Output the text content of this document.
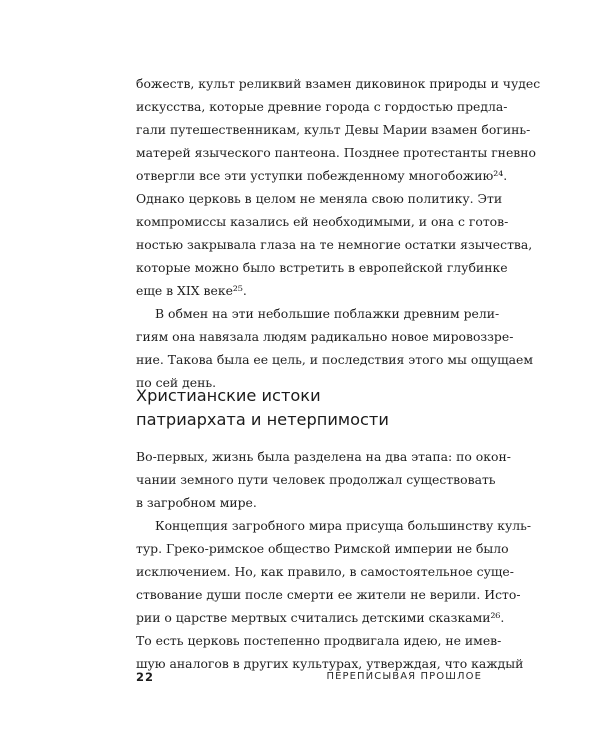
божеств, культ реликвий взамен диковинок природы и чудес
искусства, которые древние города с гордостью предла-
гали путешественникам, культ Девы Марии взамен богинь-
матерей языческого пантеона. Позднее протестанты гневно
отвергли все эти уступки побежденному многобожию²⁴.
Однако церковь в целом не меняла свою политику. Эти
компромиссы казались ей необходимыми, и она с готов-
ностью закрывала глаза на те немногие остатки язычества,
которые можно было встретить в европейской глубинке
еще в XIX веке²⁵.
В обмен на эти небольшие поблажки древним рели-
гиям она навязала людям радикально новое мировоззре-
ние. Такова была ее цель, и последствия этого мы ощущаем
по сей день.
Христианские истоки
патриархата и нетерпимости
Во-первых, жизнь была разделена на два этапа: по окон-
чании земного пути человек продолжал существовать
в загробном мире.
Концепция загробного мира присуща большинству куль-
тур. Греко-римское общество Римской империи не было
исключением. Но, как правило, в самостоятельное суще-
ствование души после смерти ее жители не верили. Исто-
рии о царстве мертвых считались детскими сказками²⁶.
То есть церковь постепенно продвигала идею, не имев-
шую аналогов в других культурах, утверждая, что каждый
22	ПЕРЕПИСЫВАЯ ПРОШЛОЕ
